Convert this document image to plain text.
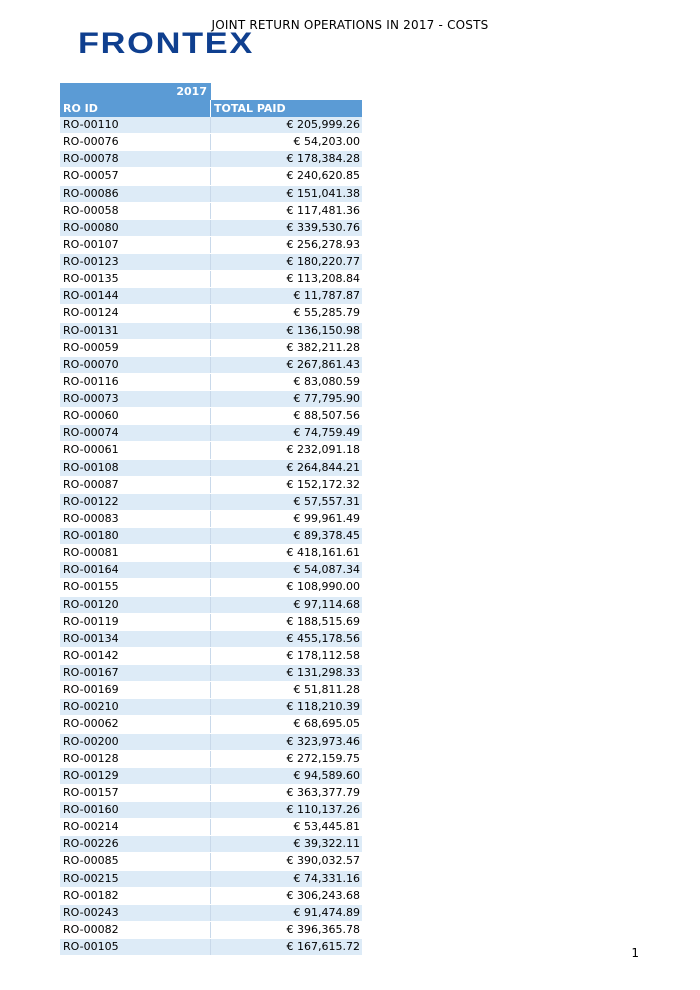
JOINT RETURN OPERATIONS IN 2017 - COSTS
FRONTEX
2017
RO ID	TOTAL PAID
RO-00110	€ 205,999.26
RO-00076	€ 54,203.00
RO-00078	€ 178,384.28
RO-00057	€ 240,620.85
RO-00086	€ 151,041.38
RO-00058	€ 117,481.36
RO-00080	€ 339,530.76
RO-00107	€ 256,278.93
RO-00123	€ 180,220.77
RO-00135	€ 113,208.84
RO-00144	€ 11,787.87
RO-00124	€ 55,285.79
RO-00131	€ 136,150.98
RO-00059	€ 382,211.28
RO-00070	€ 267,861.43
RO-00116	€ 83,080.59
RO-00073	€ 77,795.90
RO-00060	€ 88,507.56
RO-00074	€ 74,759.49
RO-00061	€ 232,091.18
RO-00108	€ 264,844.21
RO-00087	€ 152,172.32
RO-00122	€ 57,557.31
RO-00083	€ 99,961.49
RO-00180	€ 89,378.45
RO-00081	€ 418,161.61
RO-00164	€ 54,087.34
RO-00155	€ 108,990.00
RO-00120	€ 97,114.68
RO-00119	€ 188,515.69
RO-00134	€ 455,178.56
RO-00142	€ 178,112.58
RO-00167	€ 131,298.33
RO-00169	€ 51,811.28
RO-00210	€ 118,210.39
RO-00062	€ 68,695.05
RO-00200	€ 323,973.46
RO-00128	€ 272,159.75
RO-00129	€ 94,589.60
RO-00157	€ 363,377.79
RO-00160	€ 110,137.26
RO-00214	€ 53,445.81
RO-00226	€ 39,322.11
RO-00085	€ 390,032.57
RO-00215	€ 74,331.16
RO-00182	€ 306,243.68
RO-00243	€ 91,474.89
RO-00082	€ 396,365.78
RO-00105	€ 167,615.72	1
